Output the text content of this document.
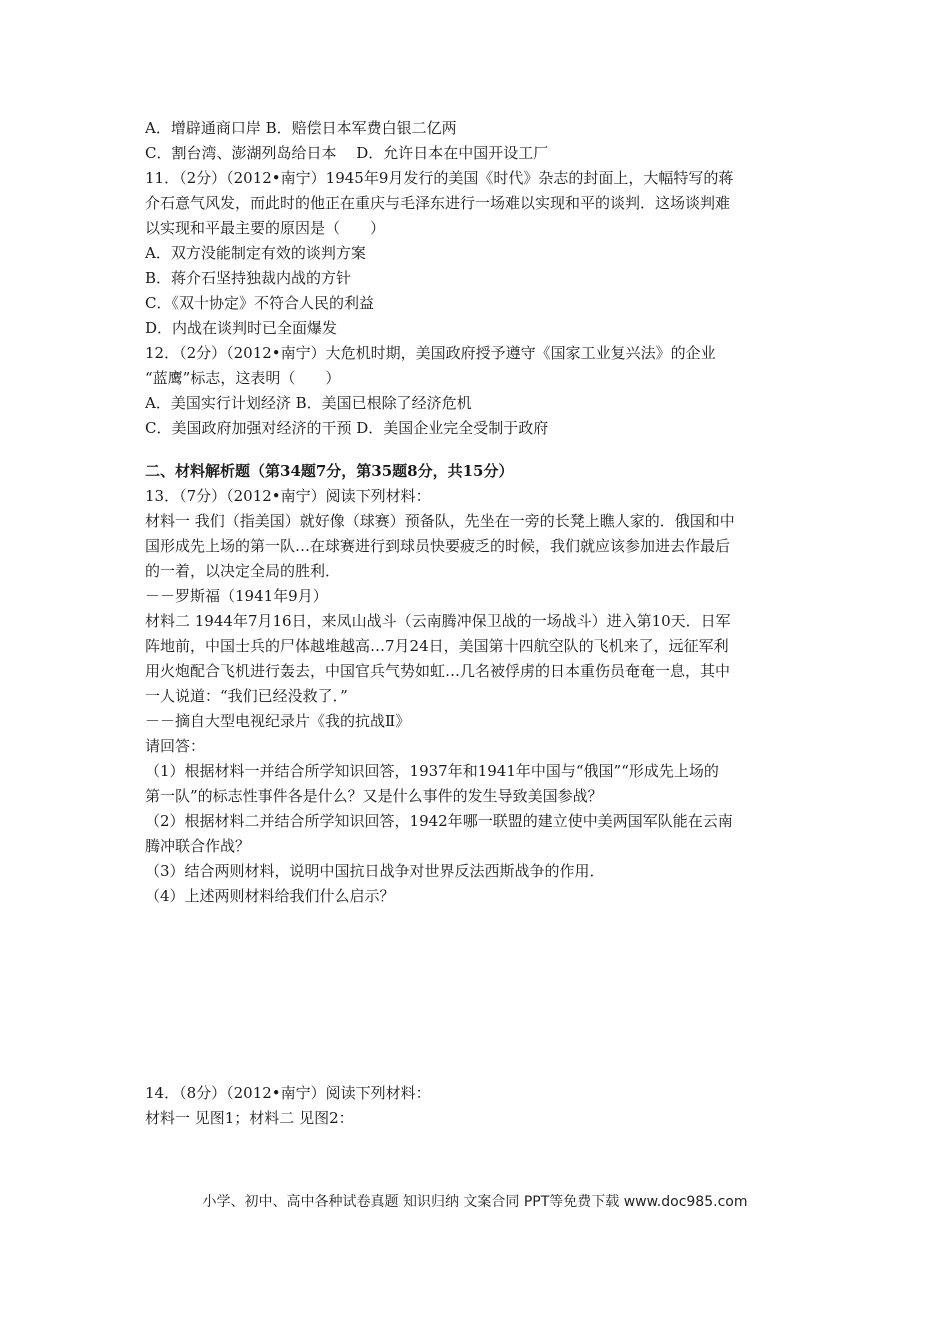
A．增辟通商口岸 B．赔偿日本军费白银二亿两
C．割台湾、澎湖列岛给日本　 D．允许日本在中国开设工厂
11．（2分）（2012•南宁）1945年9月发行的美国《时代》杂志的封面上，大幅特写的蒋
介石意气风发，而此时的他正在重庆与毛泽东进行一场难以实现和平的谈判．这场谈判难
以实现和平最主要的原因是（　　）
A．双方没能制定有效的谈判方案
B．蒋介石坚持独裁内战的方针
C．《双十协定》不符合人民的利益
D．内战在谈判时已全面爆发
12．（2分）（2012•南宁）大危机时期，美国政府授予遵守《国家工业复兴法》的企业
“蓝鹰”标志，这表明（　　）
A．美国实行计划经济 B．美国已根除了经济危机
C．美国政府加强对经济的干预 D．美国企业完全受制于政府
二、材料解析题（第34题7分，第35题8分，共15分）
13．（7分）（2012•南宁）阅读下列材料：
材料一 我们（指美国）就好像（球赛）预备队，先坐在一旁的长凳上瞧人家的．俄国和中
国形成先上场的第一队…在球赛进行到球员快要疲乏的时候，我们就应该参加进去作最后
的一着，以决定全局的胜利．
－－罗斯福（1941年9月）
材料二 1944年7月16日，来凤山战斗（云南腾冲保卫战的一场战斗）进入第10天．日军
阵地前，中国士兵的尸体越堆越高…7月24日，美国第十四航空队的飞机来了，远征军利
用火炮配合飞机进行轰去，中国官兵气势如虹…几名被俘虏的日本重伤员奄奄一息，其中
一人说道：“我们已经没救了．”
－－摘自大型电视纪录片《我的抗战Ⅱ》
请回答：
（1）根据材料一并结合所学知识回答，1937年和1941年中国与“俄国”“形成先上场的
第一队”的标志性事件各是什么？又是什么事件的发生导致美国参战？
（2）根据材料二并结合所学知识回答，1942年哪一联盟的建立使中美两国军队能在云南
腾冲联合作战？
（3）结合两则材料，说明中国抗日战争对世界反法西斯战争的作用．
（4）上述两则材料给我们什么启示？
14．（8分）（2012•南宁）阅读下列材料：
材料一 见图1；材料二 见图2：
小学、初中、高中各种试卷真题 知识归纳 文案合同 PPT等免费下载 www.doc985.com
